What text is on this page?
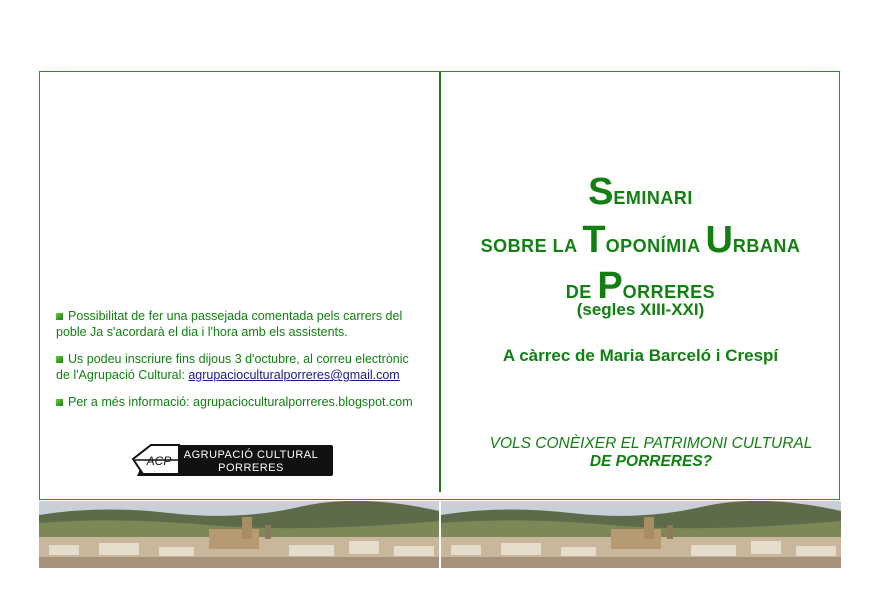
Possibilitat de fer una passejada comentada pels carrers del poble Ja s'acordarà el dia i l'hora amb els assistents.
Us podeu inscriure fins dijous 3 d'octubre, al correu electrònic de l'Agrupació Cultural: agrupacioculturalporreres@gmail.com
Per a més informació: agrupacioculturalporreres.blogspot.com
ACP AGRUPACIÓ CULTURAL
PORRERES
SEMINARI
SOBRE LA TOPONÍMIA URBANA
DE PORRERES
(segles XIII-XXI)
A càrrec de Maria Barceló i Crespí
VOLS CONÈIXER EL PATRIMONI CULTURAL
DE PORRERES?
